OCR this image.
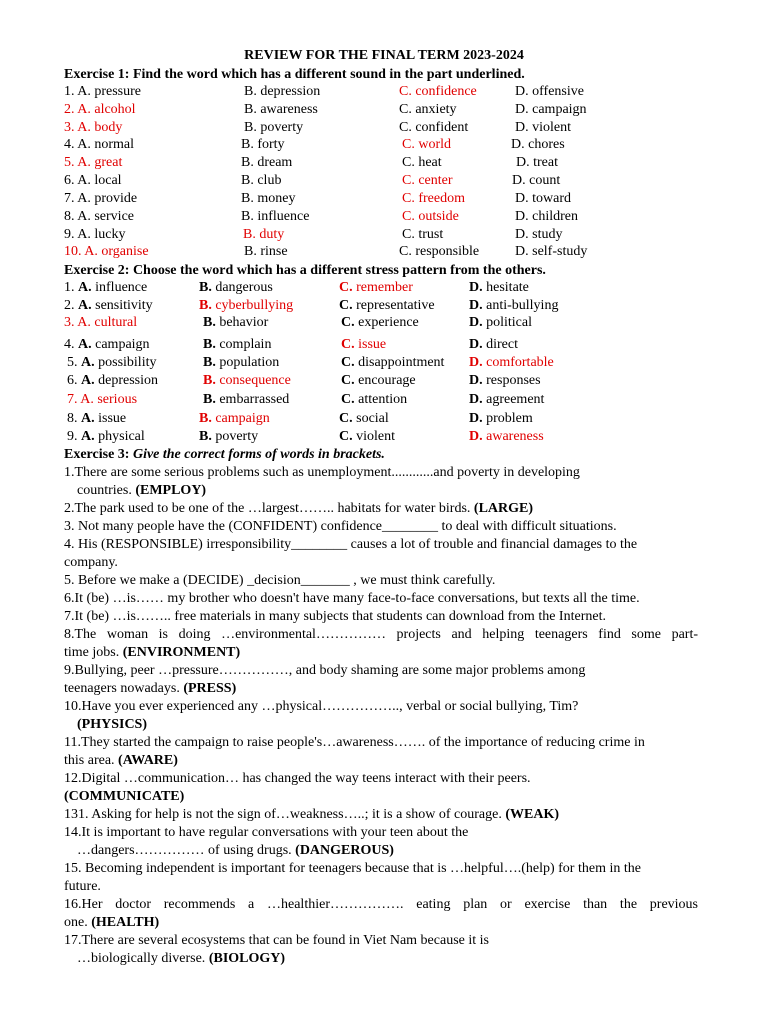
REVIEW FOR THE FINAL TERM 2023-2024
Exercise 1: Find the word which has a different sound in the part underlined.
1. A. pressure	B. depression	C. confidence	D. offensive
2. A. alcohol	B. awareness	C. anxiety	D. campaign
3. A. body	B. poverty	C. confident	D. violent
4. A. normal	B. forty	C. world	D. chores
5. A. great	B. dream	C. heat	D. treat
6. A. local	B. club	C. center	D. count
7. A. provide	B. money	C. freedom	D. toward
8. A. service	B. influence	C. outside	D. children
9. A. lucky	B. duty	C. trust	D. study
10. A. organise	B. rinse	C. responsible	D. self-study
Exercise 2: Choose the word which has a different stress pattern from the others.
1. A. influence	B. dangerous	C. remember	D. hesitate
2. A. sensitivity	B. cyberbullying	C. representative D. anti-bullying
3. A. cultural	B. behavior	C. experience	D. political
4. A. campaign	B. complain	C. issue	D. direct
5. A. possibility	B. population	C. disappointment D. comfortable
6. A. depression	B. consequence	C. encourage	D. responses
7. A. serious	B. embarrassed	C. attention	D. agreement
8. A. issue	B. campaign	C. social	D. problem
9. A. physical	B. poverty	C. violent	D. awareness
Exercise 3: Give the correct forms of words in brackets.

1.There are some serious problems such as unemployment............and poverty in developing

countries. (EMPLOY)

2.The park used to be one of the …largest…….. habitats for water birds. (LARGE)

3. Not many people have the (CONFIDENT) confidence________ to deal with difficult situations.

4. His (RESPONSIBLE) irresponsibility________ causes a lot of trouble and financial damages to the

company.

5. Before we make a (DECIDE) _decision_______ , we must think carefully.

6.It (be) …is…… my brother who doesn't have many face-to-face conversations, but texts all the time.

7.It (be) …is…….. free materials in many subjects that students can download from the Internet.

8.The woman is doing …environmental…………… projects and helping teenagers find some part-

time jobs. (ENVIRONMENT)

9.Bullying, peer …pressure……………, and body shaming are some major problems among

teenagers nowadays. (PRESS)

10.Have you ever experienced any …physical…………….., verbal or social bullying, Tim?

(PHYSICS)

11.They started the campaign to raise people's…awareness……. of the importance of reducing crime in

this area. (AWARE)

12.Digital …communication… has changed the way teens interact with their peers.

(COMMUNICATE)

131. Asking for help is not the sign of…weakness…..; it is a show of courage. (WEAK)

14.It is important to have regular conversations with your teen about the

…dangers…………… of using drugs. (DANGEROUS)

15. Becoming independent is important for teenagers because that is …helpful….(help) for them in the

future.

16.Her doctor recommends a …healthier……………. eating plan or exercise than the previous

one. (HEALTH)

17.There are several ecosystems that can be found in Viet Nam because it is

…biologically diverse. (BIOLOGY)
